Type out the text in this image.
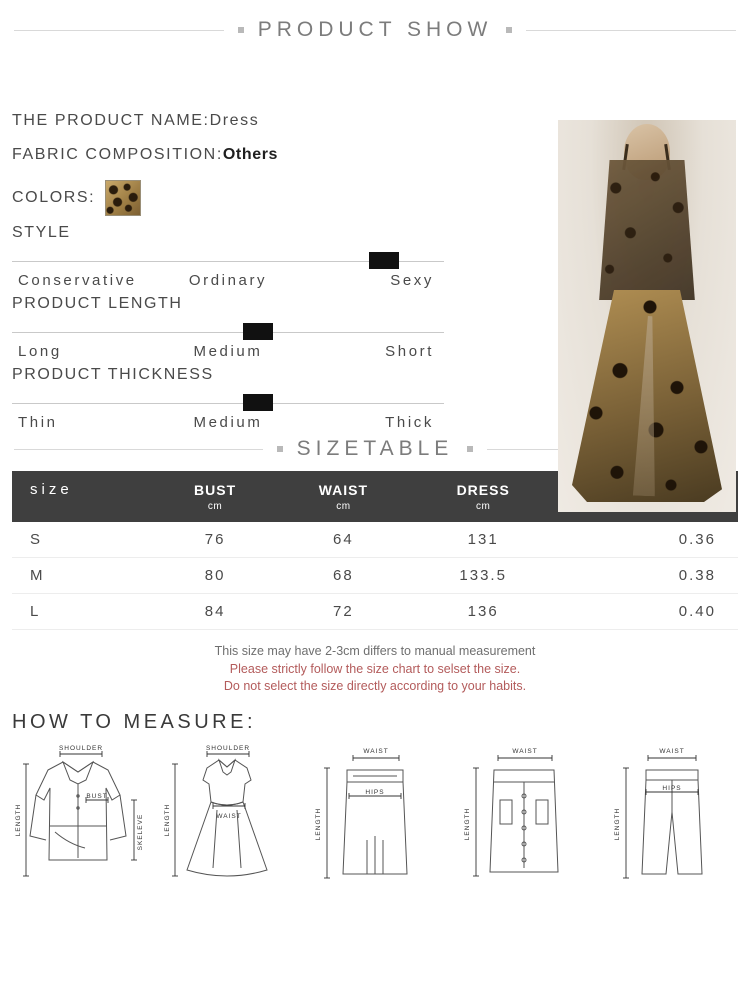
PRODUCT SHOW
THE PRODUCT NAME:Dress
FABRIC COMPOSITION:Others
COLORS:
STYLE
Conservative	Ordinary	Sexy
PRODUCT LENGTH
Long	Medium	Short
PRODUCT THICKNESS
Thin	Medium	Thick
SIZETABLE
size	BUST	WAIST	DRESS	
	cm	cm	cm	
S	76	64	131	0.36
M	80	68	133.5	0.38
L	84	72	136	0.40
This size may have 2-3cm differs to manual measurement
Please strictly follow the size chart to selset the size.
Do not select the size directly according to your habits.
HOW TO MEASURE:
SHOULDER
BUST
LENGTH	SKELEVE
SHOULDER
WAIST
LENGTH
WAIST
HIPS
LENGTH
WAIST
LENGTH
WAIST
HIPS
LENGTH
